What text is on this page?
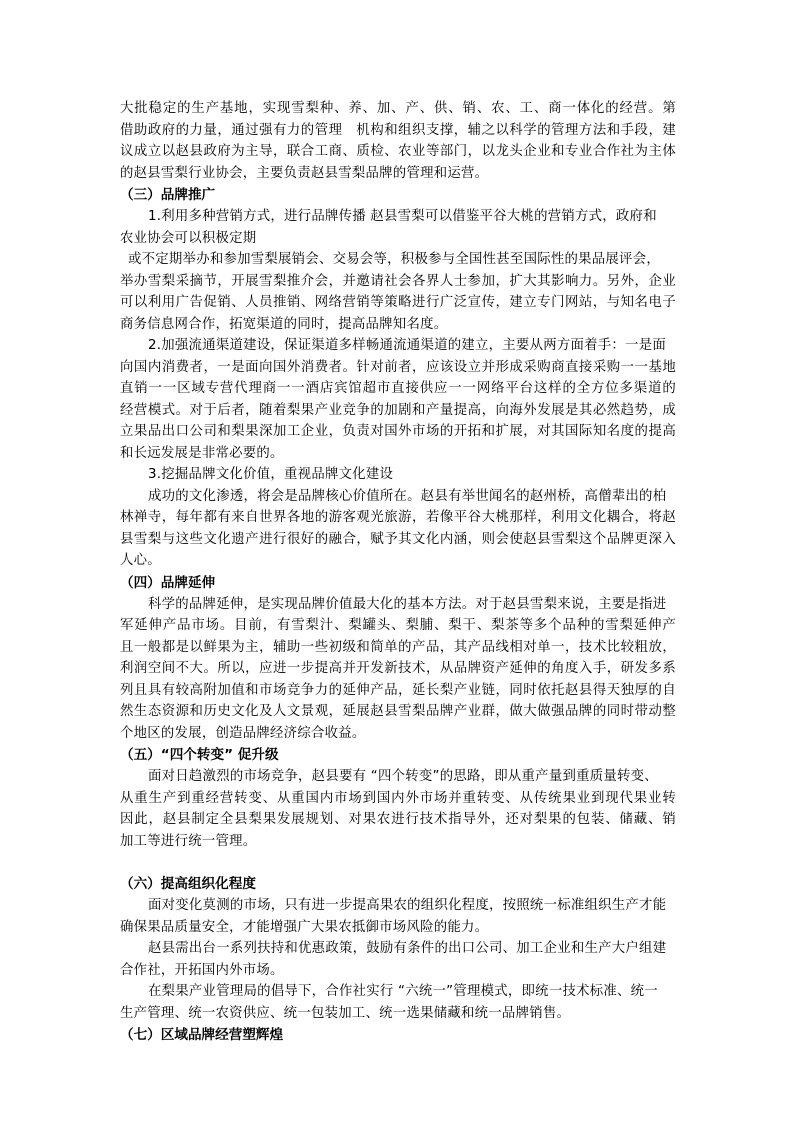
大批稳定的生产基地，实现雪梨种、养、加、产、供、销、农、工、商一体化的经营。第
借助政府的力量，通过强有力的管理　机构和组织支撑，辅之以科学的管理方法和手段，建
议成立以赵县政府为主导，联合工商、质检、农业等部门，以龙头企业和专业合作社为主体
的赵县雪梨行业协会，主要负责赵县雪梨品牌的管理和运营。
（三）品牌推广
1.利用多种营销方式，进行品牌传播 赵县雪梨可以借鉴平谷大桃的营销方式，政府和
农业协会可以积极定期
或不定期举办和参加雪梨展销会、交易会等，积极参与全国性甚至国际性的果品展评会，
举办雪梨采摘节，开展雪梨推介会，并邀请社会各界人士参加，扩大其影响力。另外，企业
可以利用广告促销、人员推销、网络营销等策略进行广泛宣传，建立专门网站，与知名电子
商务信息网合作，拓宽渠道的同时，提高品牌知名度。
2.加强流通渠道建设，保证渠道多样畅通流通渠道的建立，主要从两方面着手：一是面
向国内消费者，一是面向国外消费者。针对前者，应该设立并形成采购商直接采购一一基地
直销一一区域专营代理商一一酒店宾馆超市直接供应一一网络平台这样的全方位多渠道的
经营模式。对于后者，随着梨果产业竞争的加剧和产量提高，向海外发展是其必然趋势，成
立果品出口公司和梨果深加工企业，负责对国外市场的开拓和扩展，对其国际知名度的提高
和长远发展是非常必要的。
3.挖掘品牌文化价值，重视品牌文化建设
成功的文化渗透，将会是品牌核心价值所在。赵县有举世闻名的赵州桥，高僧辈出的柏
林禅寺，每年都有来自世界各地的游客观光旅游，若像平谷大桃那样，利用文化耦合，将赵
县雪梨与这些文化遗产进行很好的融合，赋予其文化内涵，则会使赵县雪梨这个品牌更深入
人心。
（四）品牌延伸
科学的品牌延伸，是实现品牌价值最大化的基本方法。对于赵县雪梨来说，主要是指进
军延伸产品市场。目前，有雪梨汁、梨罐头、梨脯、梨干、梨茶等多个品种的雪梨延伸产
且一般都是以鲜果为主，辅助一些初级和简单的产品，其产品线相对单一，技术比较粗放，
利润空间不大。所以，应进一步提高并开发新技术，从品牌资产延伸的角度入手，研发多系
列且具有较高附加值和市场竞争力的延伸产品，延长梨产业链，同时依托赵县得天独厚的自
然生态资源和历史文化及人文景观，延展赵县雪梨品牌产业群，做大做强品牌的同时带动整
个地区的发展，创造品牌经济综合收益。
（五）“四个转变” 促升级
面对日趋激烈的市场竞争，赵县要有 “四个转变”的思路，即从重产量到重质量转变、
从重生产到重经营转变、从重国内市场到国内外市场并重转变、从传统果业到现代果业转
因此，赵县制定全县梨果发展规划、对果农进行技术指导外，还对梨果的包装、储藏、销
加工等进行统一管理。
（六）提高组织化程度
面对变化莫测的市场，只有进一步提高果农的组织化程度，按照统一标准组织生产才能
确保果品质量安全，才能增强广大果农抵御市场风险的能力。
赵县需出台一系列扶持和优惠政策，鼓励有条件的出口公司、加工企业和生产大户组建
合作社，开拓国内外市场。
在梨果产业管理局的倡导下，合作社实行 “六统一”管理模式，即统一技术标准、统一
生产管理、统一农资供应、统一包装加工、统一选果储藏和统一品牌销售。
（七）区域品牌经营塑辉煌
